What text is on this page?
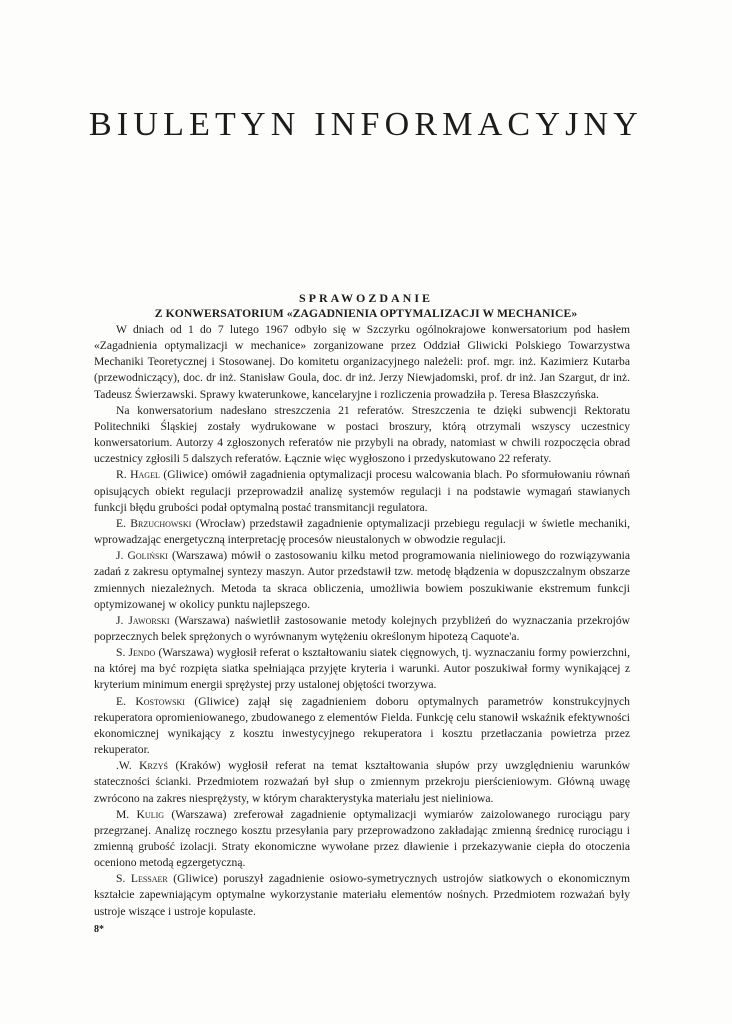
BIULETYN INFORMACYJNY
SPRAWOZDANIE
Z KONWERSATORIUM «ZAGADNIENIA OPTYMALIZACJI W MECHANICE»

W dniach od 1 do 7 lutego 1967 odbyło się w Szczyrku ogólnokrajowe konwersatorium pod hasłem «Zagadnienia optymalizacji w mechanice» zorganizowane przez Oddział Gliwicki Polskiego Towarzystwa Mechaniki Teoretycznej i Stosowanej. Do komitetu organizacyjnego należeli: prof. mgr. inż. Kazimierz Kutarba (przewodniczący), doc. dr inż. Stanisław Goula, doc. dr inż. Jerzy Niewjadomski, prof. dr inż. Jan Szargut, dr inż. Tadeusz Świerzawski. Sprawy kwaterunkowe, kancelaryjne i rozliczenia prowadziła p. Teresa Błaszczyńska.

Na konwersatorium nadesłano streszczenia 21 referatów. Streszczenia te dzięki subwencji Rektoratu Politechniki Śląskiej zostały wydrukowane w postaci broszury, którą otrzymali wszyscy uczestnicy konwersatorium. Autorzy 4 zgłoszonych referatów nie przybyli na obrady, natomiast w chwili rozpoczęcia obrad uczestnicy zgłosili 5 dalszych referatów. Łącznie więc wygłoszono i przedyskutowano 22 referaty.

R. Hagel (Gliwice) omówił zagadnienia optymalizacji procesu walcowania blach. Po sformułowaniu równań opisujących obiekt regulacji przeprowadził analizę systemów regulacji i na podstawie wymagań stawianych funkcji błędu grubości podał optymalną postać transmitancji regulatora.

E. Brzuchowski (Wrocław) przedstawił zagadnienie optymalizacji przebiegu regulacji w świetle mechaniki, wprowadzając energetyczną interpretację procesów nieustalonych w obwodzie regulacji.

J. Goliński (Warszawa) mówił o zastosowaniu kilku metod programowania nieliniowego do rozwiązywania zadań z zakresu optymalnej syntezy maszyn. Autor przedstawił tzw. metodę błądzenia w dopuszczalnym obszarze zmiennych niezależnych. Metoda ta skraca obliczenia, umożliwia bowiem poszukiwanie ekstremum funkcji optymizowanej w okolicy punktu najlepszego.

J. Jaworski (Warszawa) naświetlił zastosowanie metody kolejnych przybliżeń do wyznaczania przekrojów poprzecznych belek sprężonych o wyrównanym wytężeniu określonym hipotezą Caquote'a.

S. Jendo (Warszawa) wygłosił referat o kształtowaniu siatek cięgnowych, tj. wyznaczaniu formy powierzchni, na której ma być rozpięta siatka spełniająca przyjęte kryteria i warunki. Autor poszukiwał formy wynikającej z kryterium minimum energii sprężystej przy ustalonej objętości tworzywa.

E. Kostowski (Gliwice) zajął się zagadnieniem doboru optymalnych parametrów konstrukcyjnych rekuperatora opromieniowanego, zbudowanego z elementów Fielda. Funkcję celu stanowił wskaźnik efektywności ekonomicznej wynikający z kosztu inwestycyjnego rekuperatora i kosztu przetłaczania powietrza przez rekuperator.

.W. Krzyś (Kraków) wygłosił referat na temat kształtowania słupów przy uwzględnieniu warunków stateczności ścianki. Przedmiotem rozważań był słup o zmiennym przekroju pierścieniowym. Główną uwagę zwrócono na zakres niesprężysty, w którym charakterystyka materiału jest nieliniowa.

M. Kulig (Warszawa) zreferował zagadnienie optymalizacji wymiarów zaizolowanego rurociągu pary przegrzanej. Analizę rocznego kosztu przesyłania pary przeprowadzono zakładając zmienną średnicę rurociągu i zmienną grubość izolacji. Straty ekonomiczne wywołane przez dławienie i przekazywanie ciepła do otoczenia oceniono metodą egzergetyczną.

S. Lessaer (Gliwice) poruszył zagadnienie osiowo-symetrycznych ustrojów siatkowych o ekonomicznym kształcie zapewniającym optymalne wykorzystanie materiału elementów nośnych. Przedmiotem rozważań były ustroje wiszące i ustroje kopulaste.

8*
